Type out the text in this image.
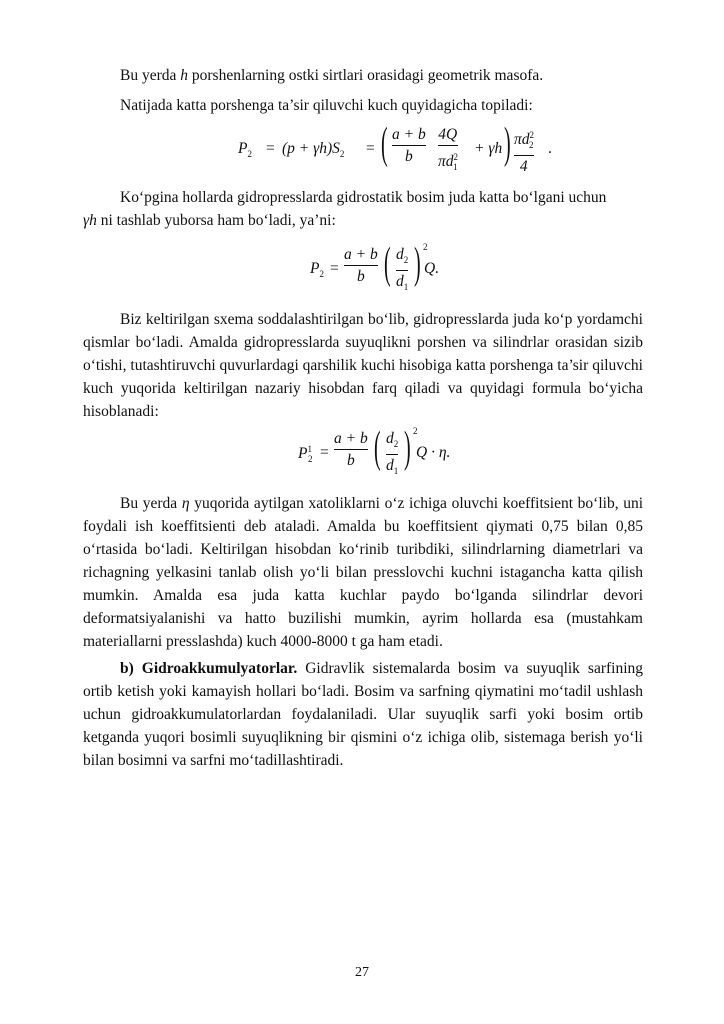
Bu yerda h porshenlarning ostki sirtlari orasidagi geometrik masofa.

Natijada katta porshenga ta’sir qiluvchi kuch quyidagicha topiladi:

$P_2 = (p + \gamma h)S_2$ = ( a + b
b
4Q
$\pi d^2_1$
+ γh ) $\pi d^2_2$
4
.

Ko‘pgina hollarda gidropresslarda gidrostatik bosim juda katta bo‘lgani uchun

γh ni tashlab yuborsa ham bo‘ladi, ya’ni:

$P_2$ =
a + b
b ( $d_2$
$d_1$ ) 2
Q.

Biz keltirilgan sxema soddalashtirilgan bo‘lib, gidropresslarda juda ko‘p yordamchi qismlar bo‘ladi. Amalda gidropresslarda suyuqlikni porshen va silindrlar orasidan sizib o‘tishi, tutashtiruvchi quvurlardagi qarshilik kuchi hisobiga katta porshenga ta’sir qiluvchi kuch yuqorida keltirilgan nazariy hisobdan farq qiladi va quyidagi formula bo‘yicha hisoblanadi:

$P^1_2$ =
a + b
b ( $d_2$
$d_1$ ) 2
Q · η.

Bu yerda η yuqorida aytilgan xatoliklarni o‘z ichiga oluvchi koeffitsient bo‘lib, uni foydali ish koeffitsienti deb ataladi. Amalda bu koeffitsient qiymati 0,75 bilan 0,85 o‘rtasida bo‘ladi. Keltirilgan hisobdan ko‘rinib turibdiki, silindrlarning diametrlari va richagning yelkasini tanlab olish yo‘li bilan presslovchi kuchni istagancha katta qilish mumkin. Amalda esa juda katta kuchlar paydo bo‘lganda silindrlar devori deformatsiyalanishi va hatto buzilishi mumkin, ayrim hollarda esa (mustahkam materiallarni presslashda) kuch 4000-8000 t ga ham etadi.

b) Gidroakkumulyatorlar. Gidravlik sistemalarda bosim va suyuqlik sarfining ortib ketish yoki kamayish hollari bo‘ladi. Bosim va sarfning qiymatini mo‘tadil ushlash uchun gidroakkumulatorlardan foydalaniladi. Ular suyuqlik sarfi yoki bosim ortib ketganda yuqori bosimli suyuqlikning bir qismini o‘z ichiga olib, sistemaga berish yo‘li bilan bosimni va sarfni mo‘tadillashtiradi.

27
